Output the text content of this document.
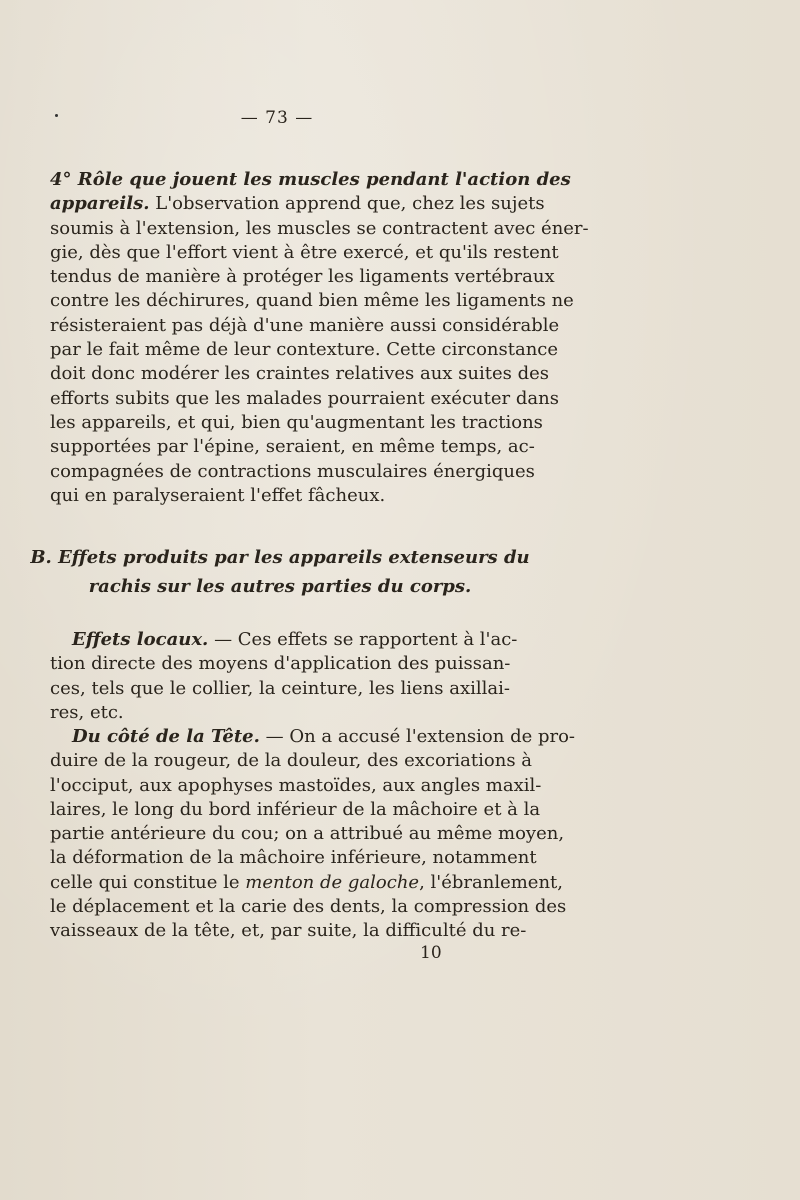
— 73 —
4° Rôle que jouent les muscles pendant l'action des
appareils. L'observation apprend que, chez les sujets
soumis à l'extension, les muscles se contractent avec éner-
gie, dès que l'effort vient à être exercé, et qu'ils restent
tendus de manière à protéger les ligaments vertébraux
contre les déchirures, quand bien même les ligaments ne
résisteraient pas déjà d'une manière aussi considérable
par le fait même de leur contexture. Cette circonstance
doit donc modérer les craintes relatives aux suites des
efforts subits que les malades pourraient exécuter dans
les appareils, et qui, bien qu'augmentant les tractions
supportées par l'épine, seraient, en même temps, ac-
compagnées de contractions musculaires énergiques
qui en paralyseraient l'effet fâcheux.
B. Effets produits par les appareils extenseurs du
rachis sur les autres parties du corps.
Effets locaux. — Ces effets se rapportent à l'ac-
tion directe des moyens d'application des puissan-
ces, tels que le collier, la ceinture, les liens axillai-
res, etc.
Du côté de la Tête. — On a accusé l'extension de pro-
duire de la rougeur, de la douleur, des excoriations à
l'occiput, aux apophyses mastoïdes, aux angles maxil-
laires, le long du bord inférieur de la mâchoire et à la
partie antérieure du cou; on a attribué au même moyen,
la déformation de la mâchoire inférieure, notamment
celle qui constitue le menton de galoche, l'ébranlement,
le déplacement et la carie des dents, la compression des
vaisseaux de la tête, et, par suite, la difficulté du re-
10
